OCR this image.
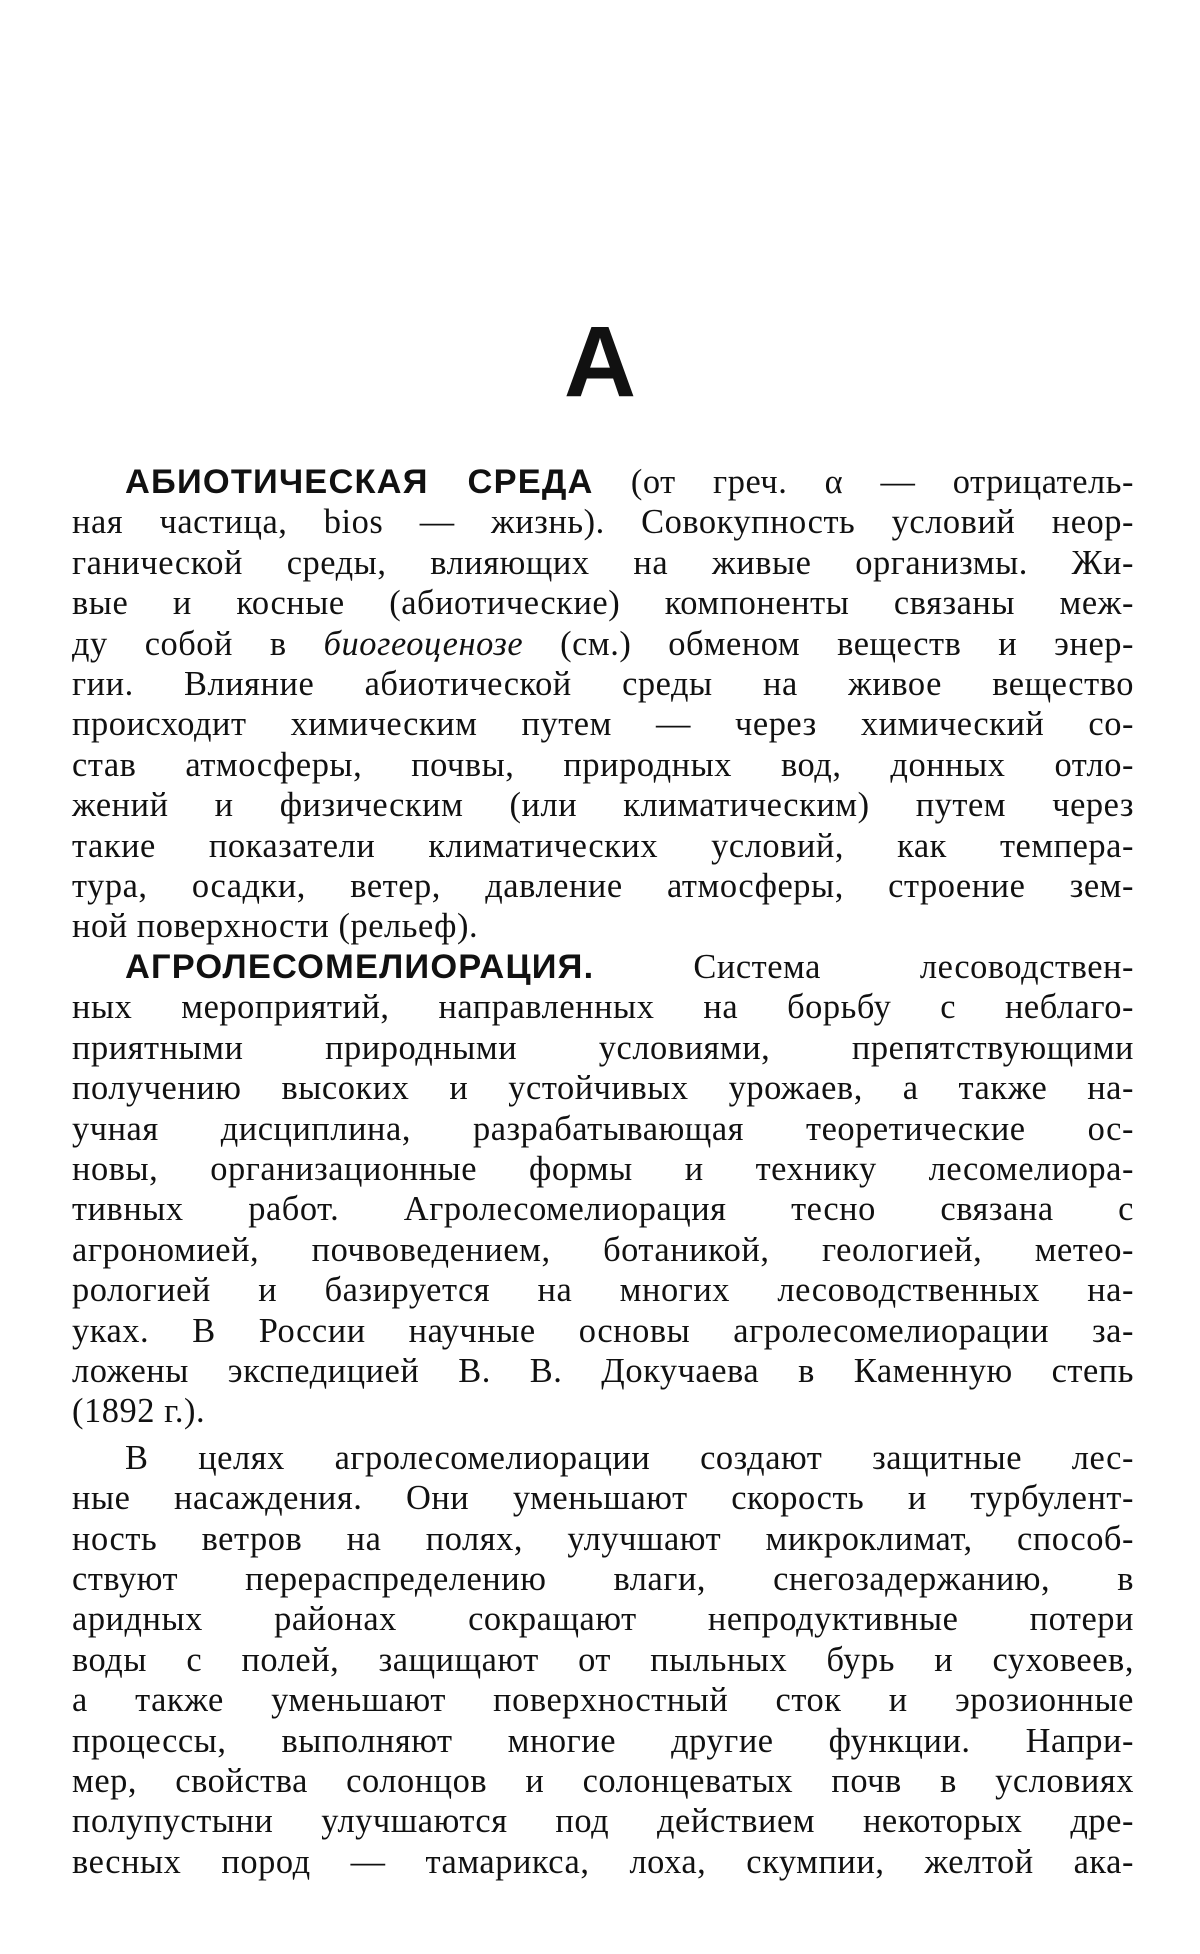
А

АБИОТИЧЕСКАЯ СРЕДА (от греч. α — отрицатель-
ная частица, bios — жизнь). Совокупность условий неор-
ганической среды, влияющих на живые организмы. Жи-
вые и косные (абиотические) компоненты связаны меж-
ду собой в биогеоценозе (см.) обменом веществ и энер-
гии. Влияние абиотической среды на живое вещество
происходит химическим путем — через химический со-
став атмосферы, почвы, природных вод, донных отло-
жений и физическим (или климатическим) путем через
такие показатели климатических условий, как темпера-
тура, осадки, ветер, давление атмосферы, строение зем-
ной поверхности (рельеф).

АГРОЛЕСОМЕЛИОРАЦИЯ.	Система лесоводствен-
ных мероприятий, направленных на борьбу с неблаго-
приятными природными условиями, препятствующими
получению высоких и устойчивых урожаев, а также на-
учная дисциплина, разрабатывающая теоретические ос-
новы, организационные формы и технику лесомелиора-
тивных работ. Агролесомелиорация тесно связана с
агрономией, почвоведением, ботаникой, геологией, метео-
рологией и базируется на многих лесоводственных на-
уках. В России научные основы агролесомелиорации за-
ложены экспедицией В. В. Докучаева в Каменную степь
(1892 г.).

В целях агролесомелиорации создают защитные лес-
ные насаждения. Они уменьшают скорость и турбулент-
ность ветров на полях, улучшают микроклимат, способ-
ствуют перераспределению влаги, снегозадержанию, в
аридных районах сокращают непродуктивные потери
воды с полей, защищают от пыльных бурь и суховеев,
а также уменьшают поверхностный сток и эрозионные
процессы, выполняют многие другие функции. Напри-
мер, свойства солонцов и солонцеватых почв в условиях
полупустыни улучшаются под действием некоторых дре-
весных пород — тамарикса, лоха, скумпии, желтой ака-
